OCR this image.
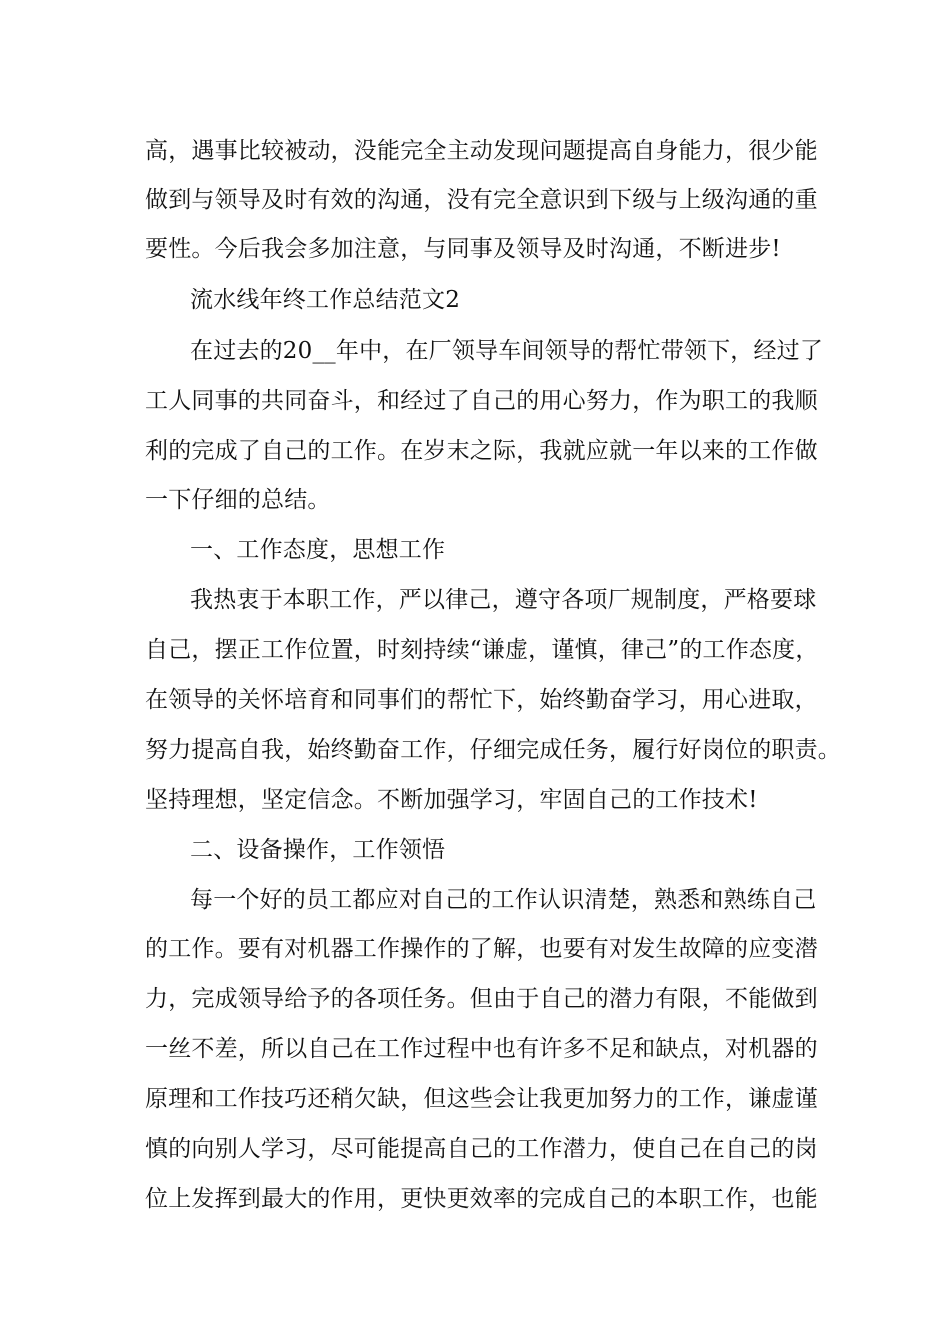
高，遇事比较被动，没能完全主动发现问题提高自身能力，很少能
做到与领导及时有效的沟通，没有完全意识到下级与上级沟通的重
要性。今后我会多加注意，与同事及领导及时沟通，不断进步!
流水线年终工作总结范文2
在过去的20__年中，在厂领导车间领导的帮忙带领下，经过了
工人同事的共同奋斗，和经过了自己的用心努力，作为职工的我顺
利的完成了自己的工作。在岁末之际，我就应就一年以来的工作做
一下仔细的总结。
一、工作态度，思想工作
我热衷于本职工作，严以律己，遵守各项厂规制度，严格要球
自己，摆正工作位置，时刻持续“谦虚，谨慎，律己”的工作态度，
在领导的关怀培育和同事们的帮忙下，始终勤奋学习，用心进取，
努力提高自我，始终勤奋工作，仔细完成任务，履行好岗位的职责。
坚持理想，坚定信念。不断加强学习，牢固自己的工作技术!
二、设备操作，工作领悟
每一个好的员工都应对自己的工作认识清楚，熟悉和熟练自己
的工作。要有对机器工作操作的了解，也要有对发生故障的应变潜
力，完成领导给予的各项任务。但由于自己的潜力有限，不能做到
一丝不差，所以自己在工作过程中也有许多不足和缺点，对机器的
原理和工作技巧还稍欠缺，但这些会让我更加努力的工作，谦虚谨
慎的向别人学习，尽可能提高自己的工作潜力，使自己在自己的岗
位上发挥到最大的作用，更快更效率的完成自己的本职工作，也能
